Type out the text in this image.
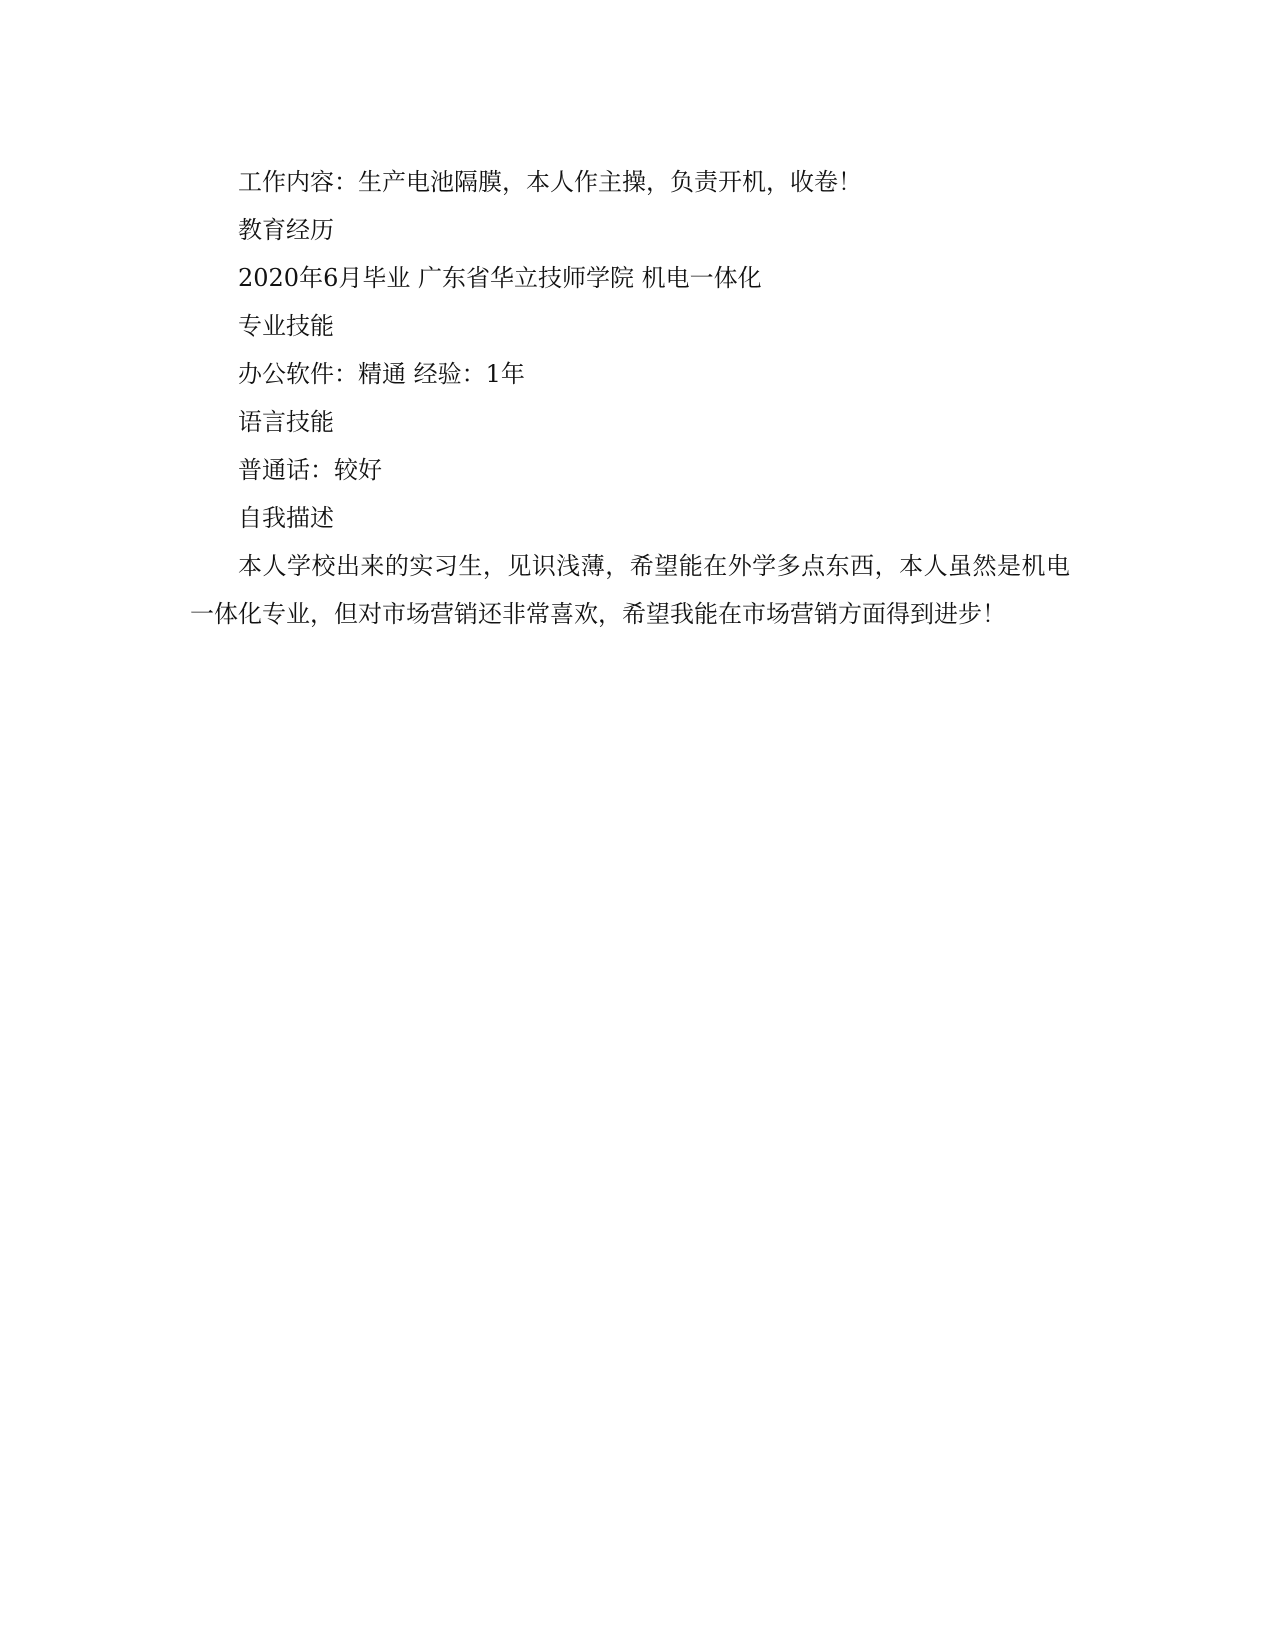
工作内容：生产电池隔膜，本人作主操，负责开机，收卷！

教育经历

2020年6月毕业 广东省华立技师学院 机电一体化

专业技能

办公软件：精通 经验：1年

语言技能

普通话：较好

自我描述

本人学校出来的实习生，见识浅薄，希望能在外学多点东西，本人虽然是机电一体化专业，但对市场营销还非常喜欢，希望我能在市场营销方面得到进步！
